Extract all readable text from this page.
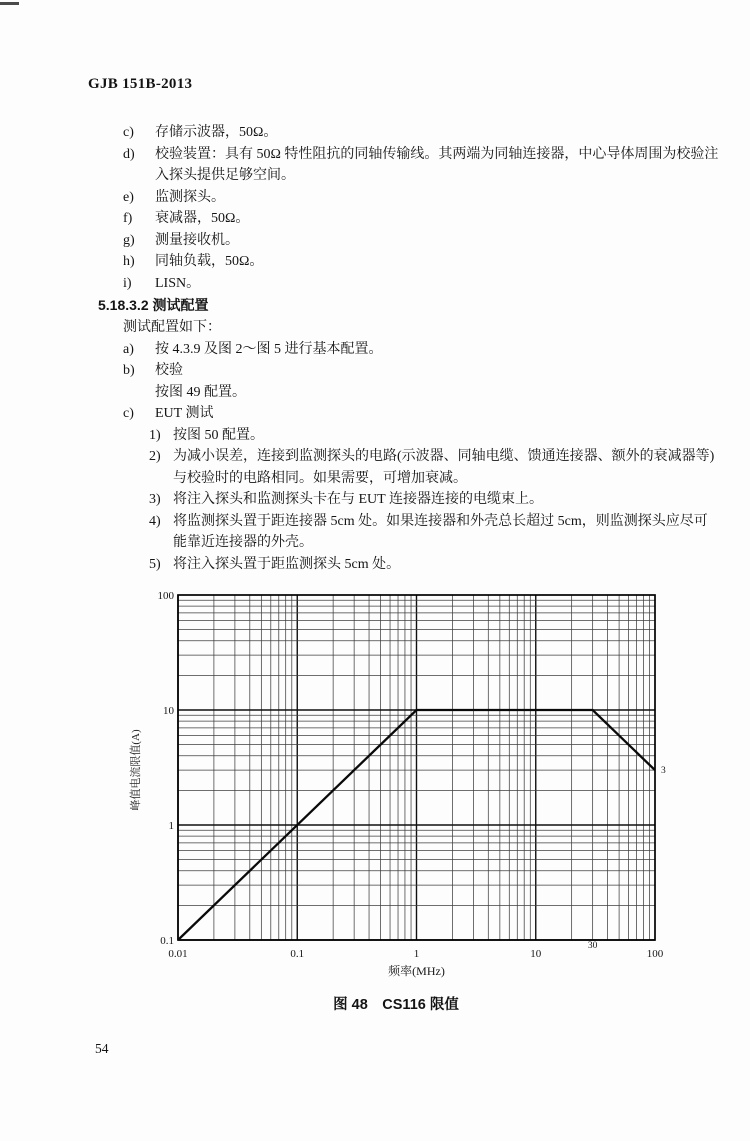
GJB 151B-2013
c) 存储示波器，50Ω。
d) 校验装置：具有 50Ω 特性阻抗的同轴传输线。其两端为同轴连接器，中心导体周围为校验注
入探头提供足够空间。
e) 监测探头。
f) 衰减器，50Ω。
g) 测量接收机。
h) 同轴负载，50Ω。
i) LISN。
5.18.3.2 测试配置
测试配置如下：
a) 按 4.3.9 及图 2～图 5 进行基本配置。
b) 校验
按图 49 配置。
c) EUT 测试
1) 按图 50 配置。
2) 为减小误差，连接到监测探头的电路(示波器、同轴电缆、馈通连接器、额外的衰减器等)
与校验时的电路相同。如果需要，可增加衰减。
3) 将注入探头和监测探头卡在与 EUT 连接器连接的电缆束上。
4) 将监测探头置于距连接器 5cm 处。如果连接器和外壳总长超过 5cm，则监测探头应尽可
能靠近连接器的外壳。
5) 将注入探头置于距监测探头 5cm 处。
100
10
1
0.1
0.01	0.1	1	10	100
30
3
频率(MHz)
峰值电流限值(A)
图 48　CS116 限值
54
